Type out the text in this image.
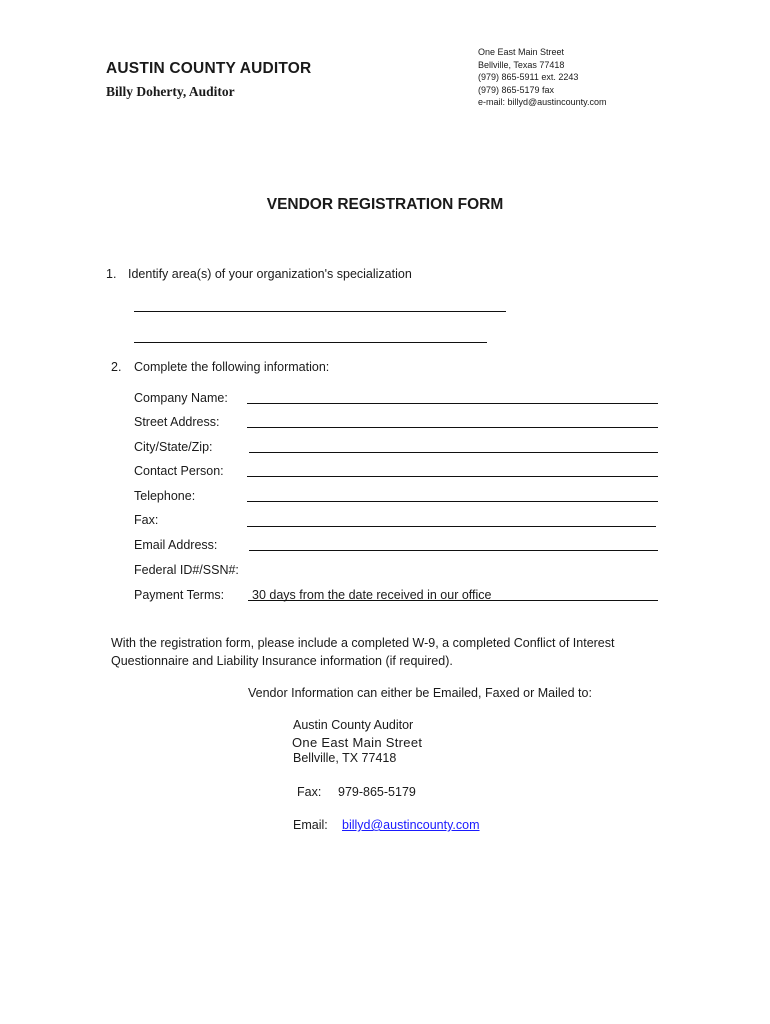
AUSTIN COUNTY AUDITOR
Billy Doherty, Auditor
One East Main Street
Bellville, Texas 77418
(979) 865-5911 ext. 2243
(979) 865-5179 fax
e-mail: billyd@austincounty.com
VENDOR REGISTRATION FORM
1. Identify area(s) of your organization's specialization
2. Complete the following information:
Company Name:
Street Address:
City/State/Zip:
Contact Person:
Telephone:
Fax:
Email Address:
Federal ID#/SSN#:
Payment Terms: 30 days from the date received in our office
With the registration form, please include a completed W-9, a completed Conflict of Interest Questionnaire and Liability Insurance information (if required).
Vendor Information can either be Emailed, Faxed or Mailed to:
Austin County Auditor
One East Main Street
Bellville, TX 77418
Fax: 979-865-5179
Email: billyd@austincounty.com
